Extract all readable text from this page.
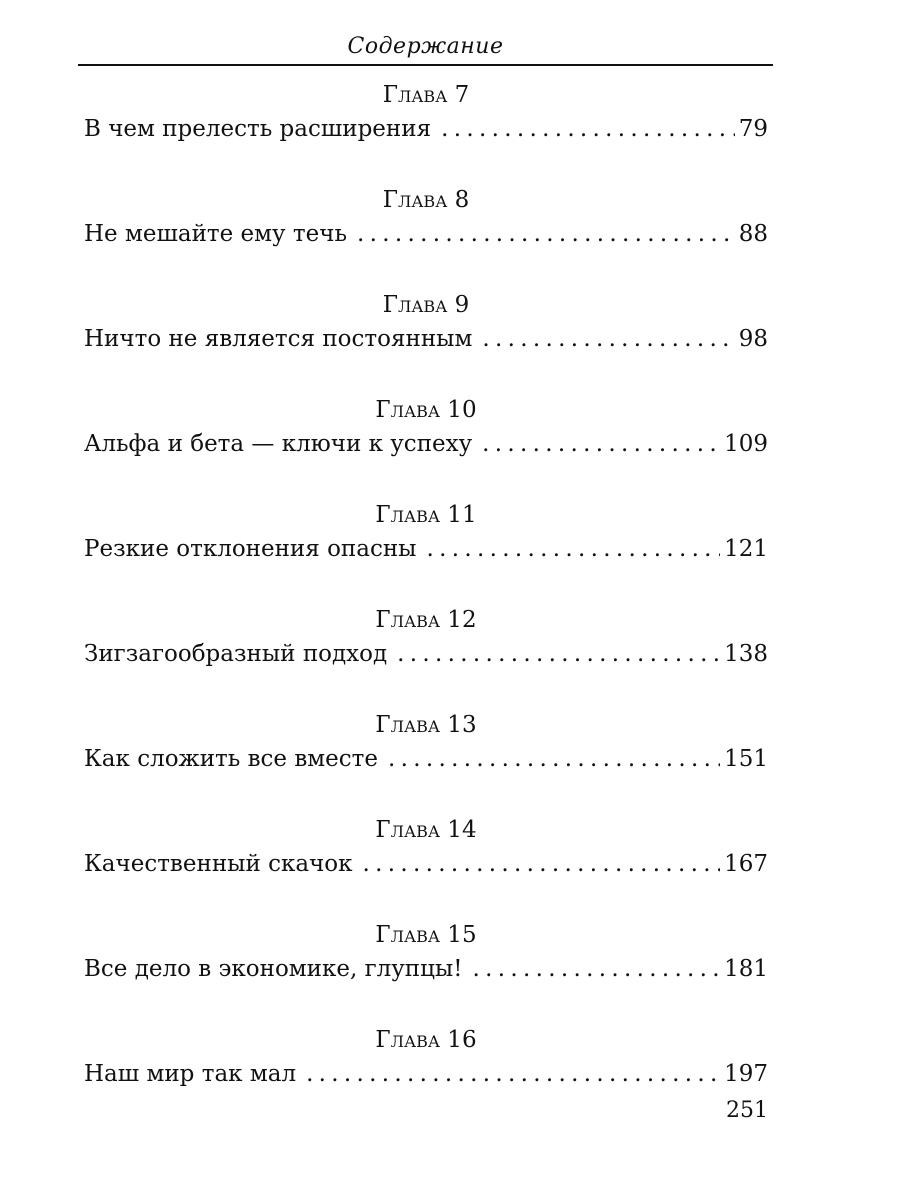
Содержание
Глава 7
В чем прелесть расширения . . .	79
Глава 8
Не мешайте ему течь . . .	88
Глава 9
Ничто не является постоянным . . .	98
Глава 10
Альфа и бета — ключи к успеху . . .	109
Глава 11
Резкие отклонения опасны . . .	121
Глава 12
Зигзагообразный подход . . .	138
Глава 13
Как сложить все вместе . . .	151
Глава 14
Качественный скачок . . .	167
Глава 15
Все дело в экономике, глупцы! . . .	181
Глава 16
Наш мир так мал . . .	197
251
